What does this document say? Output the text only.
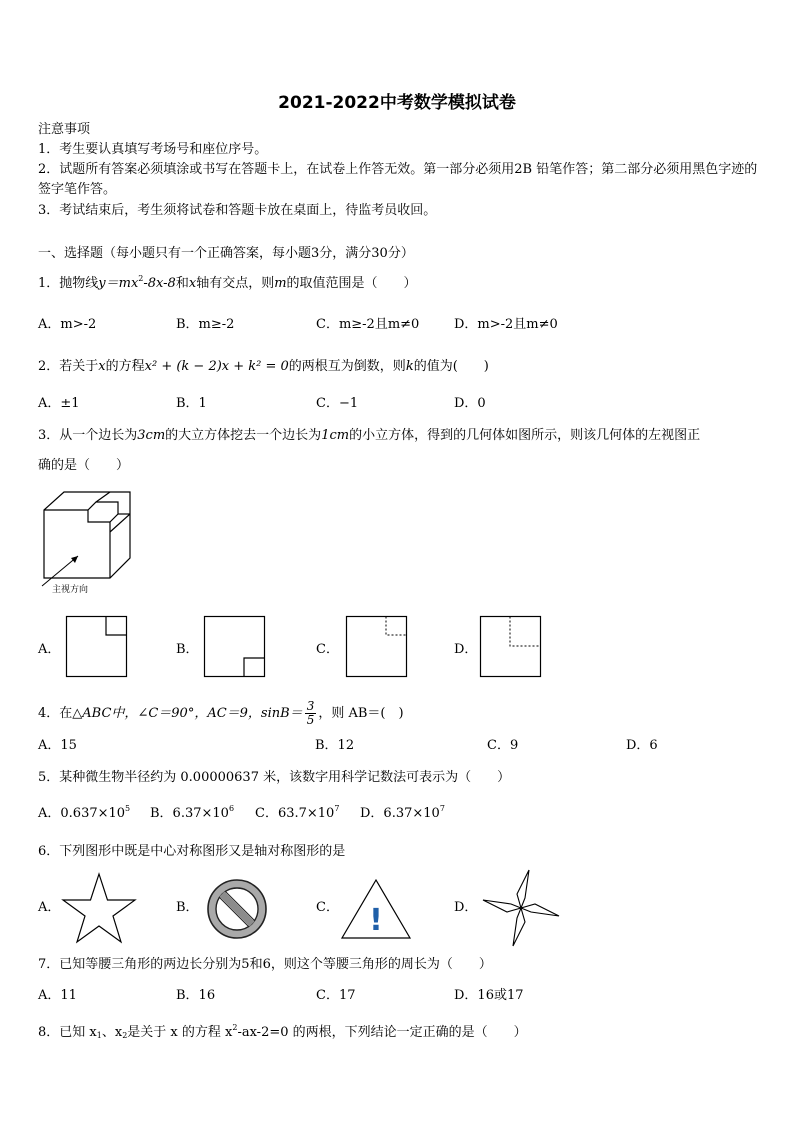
2021-2022中考数学模拟试卷
注意事项
1．考生要认真填写考场号和座位序号。
2．试题所有答案必须填涂或书写在答题卡上，在试卷上作答无效。第一部分必须用2B 铅笔作答；第二部分必须用黑色字迹的签字笔作答。
3．考试结束后，考生须将试卷和答题卡放在桌面上，待监考员收回。
一、选择题（每小题只有一个正确答案，每小题3分，满分30分）
1．抛物线$y=mx^2-8x-8$和x轴有交点，则m的取值范围是（　　）
A．m>-2	B．m≥-2	C．m≥-2且m≠0	D．m>-2且m≠0
2．若关于x的方程x² + (k − 2)x + k² = 0的两根互为倒数，则k的值为(　　)
A．±1	B．1	C．−1	D．0
3．从一个边长为3cm的大立方体挖去一个边长为1cm的小立方体，得到的几何体如图所示，则该几何体的左视图正
确的是（　　）
主视方向
A．	B．	C．	D．
4．在△ABC中，∠C＝90°，AC＝9，$\sin B= \frac{3}{5}$ ，则 AB＝(　)
A．15	B．12	C．9	D．6
5．某种微生物半径约为 0.00000637 米，该数字用科学记数法可表示为（　　）
A．$0.637\times 10^5$ B．$6.37\times 10^6$ C．$63.7\times 10^7$ D．$6.37\times 10^7$
6．下列图形中既是中心对称图形又是轴对称图形的是
A．	B．	C． !	D．
7．已知等腰三角形的两边长分别为5和6，则这个等腰三角形的周长为（　　）
A．11	B．16	C．17	D．16或17
8．已知 $x_1$、$x_2$是关于 x 的方程 $x^2-ax-2=0$ 的两根，下列结论一定正确的是（　　）
